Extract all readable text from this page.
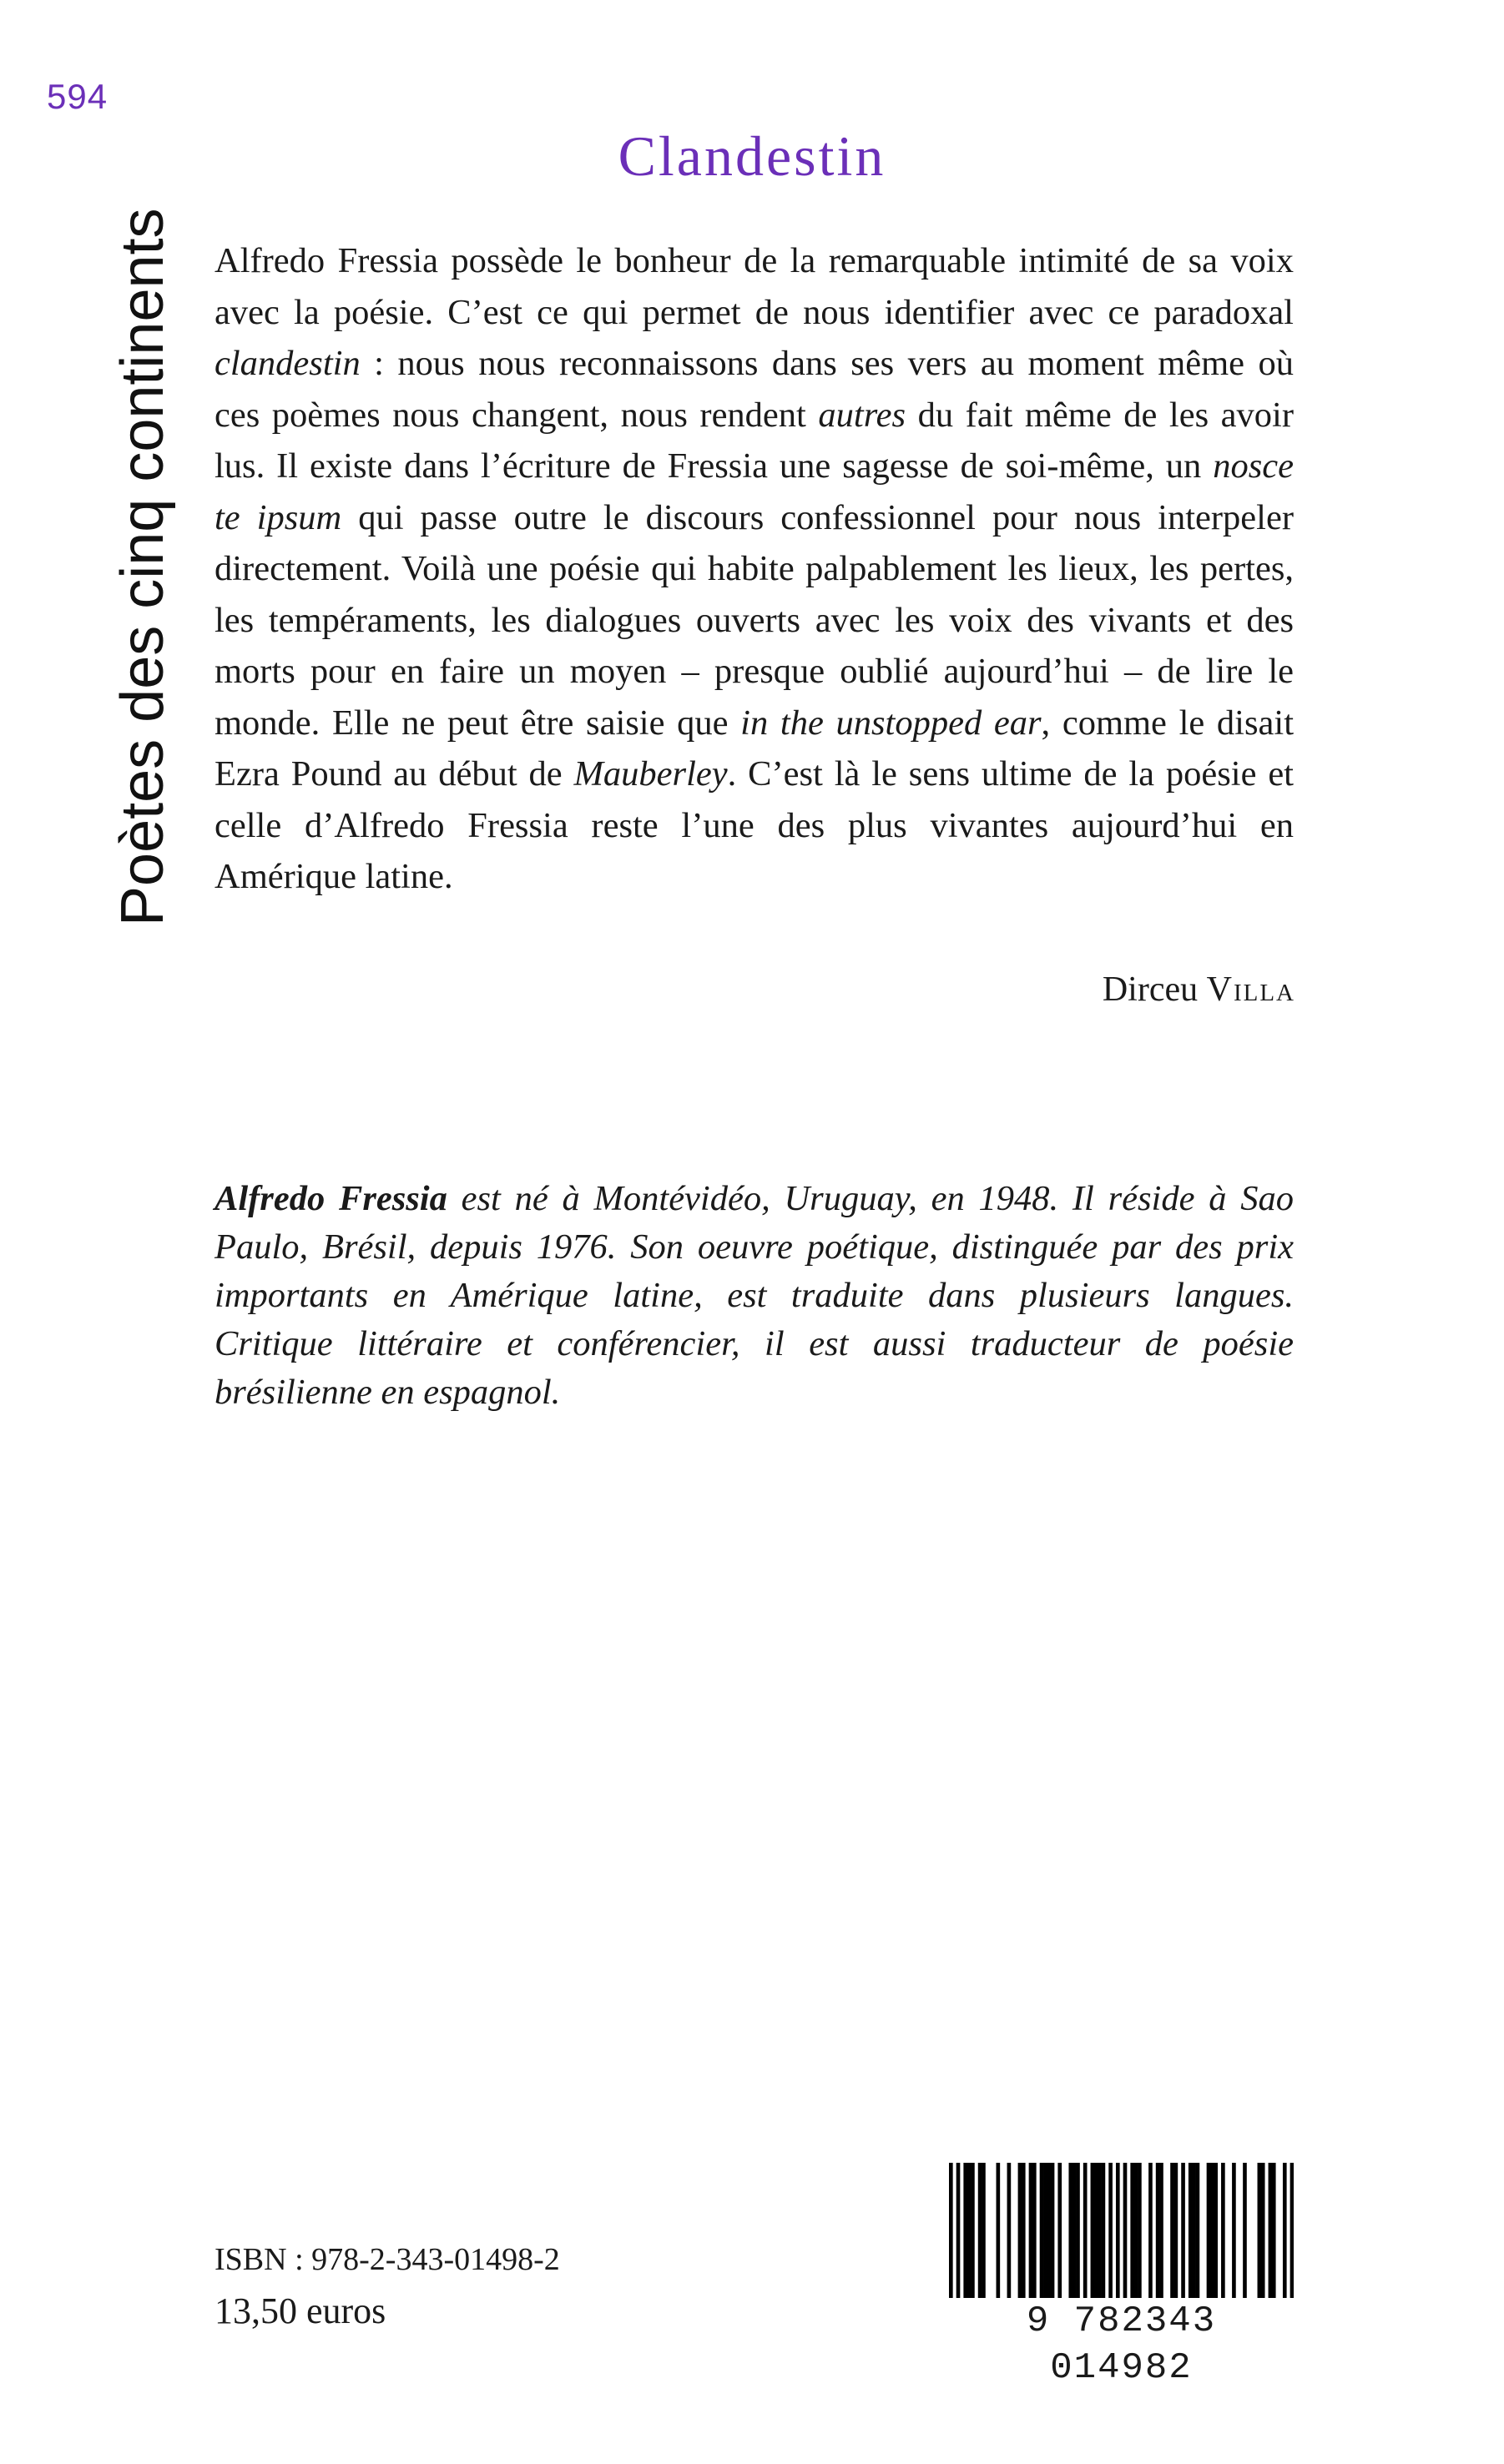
594
Poètes des cinq continents
Clandestin

Alfredo Fressia possède le bonheur de la remarquable intimité de sa voix avec la poésie. C’est ce qui permet de nous identifier avec ce paradoxal clandestin : nous nous reconnaissons dans ses vers au moment même où ces poèmes nous changent, nous rendent autres du fait même de les avoir lus. Il existe dans l’écriture de Fressia une sagesse de soi-même, un nosce te ipsum qui passe outre le discours confessionnel pour nous interpeler directement. Voilà une poésie qui habite palpablement les lieux, les pertes, les tempéraments, les dialogues ouverts avec les voix des vivants et des morts pour en faire un moyen – presque oublié aujourd’hui – de lire le monde. Elle ne peut être saisie que in the unstopped ear, comme le disait Ezra Pound au début de Mauberley. C’est là le sens ultime de la poésie et celle d’Alfredo Fressia reste l’une des plus vivantes aujourd’hui en Amérique latine.

Dirceu Villa
Alfredo Fressia est né à Montévidéo, Uruguay, en 1948. Il réside à Sao Paulo, Brésil, depuis 1976. Son oeuvre poétique, distinguée par des prix importants en Amérique latine, est traduite dans plusieurs langues. Critique littéraire et conférencier, il est aussi traducteur de poésie brésilienne en espagnol.
ISBN : 978-2-343-01498-2
13,50 euros	9 782343 014982
